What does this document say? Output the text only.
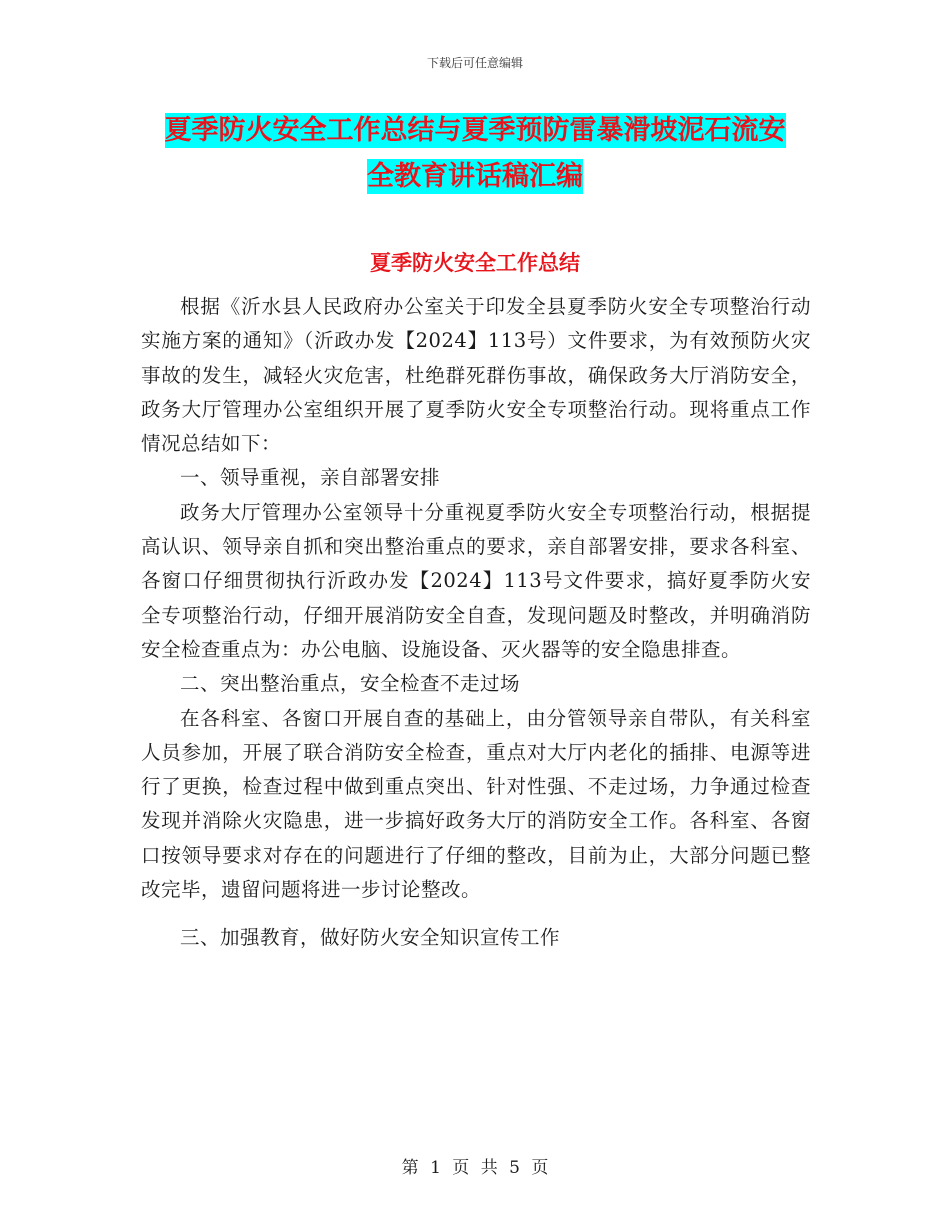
下载后可任意编辑
夏季防火安全工作总结与夏季预防雷暴滑坡泥石流安
全教育讲话稿汇编
夏季防火安全工作总结

根据《沂水县人民政府办公室关于印发全县夏季防火安全专项整治行动实施方案的通知》（沂政办发【2024】113号）文件要求，为有效预防火灾事故的发生，减轻火灾危害，杜绝群死群伤事故，确保政务大厅消防安全，政务大厅管理办公室组织开展了夏季防火安全专项整治行动。现将重点工作情况总结如下：

一、领导重视，亲自部署安排

政务大厅管理办公室领导十分重视夏季防火安全专项整治行动，根据提高认识、领导亲自抓和突出整治重点的要求，亲自部署安排，要求各科室、各窗口仔细贯彻执行沂政办发【2024】113号文件要求，搞好夏季防火安全专项整治行动，仔细开展消防安全自查，发现问题及时整改，并明确消防安全检查重点为：办公电脑、设施设备、灭火器等的安全隐患排查。

二、突出整治重点，安全检查不走过场

在各科室、各窗口开展自查的基础上，由分管领导亲自带队，有关科室人员参加，开展了联合消防安全检查，重点对大厅内老化的插排、电源等进行了更换，检查过程中做到重点突出、针对性强、不走过场，力争通过检查发现并消除火灾隐患，进一步搞好政务大厅的消防安全工作。各科室、各窗口按领导要求对存在的问题进行了仔细的整改，目前为止，大部分问题已整改完毕，遗留问题将进一步讨论整改。

三、加强教育，做好防火安全知识宣传工作

第 1 页 共 5 页
